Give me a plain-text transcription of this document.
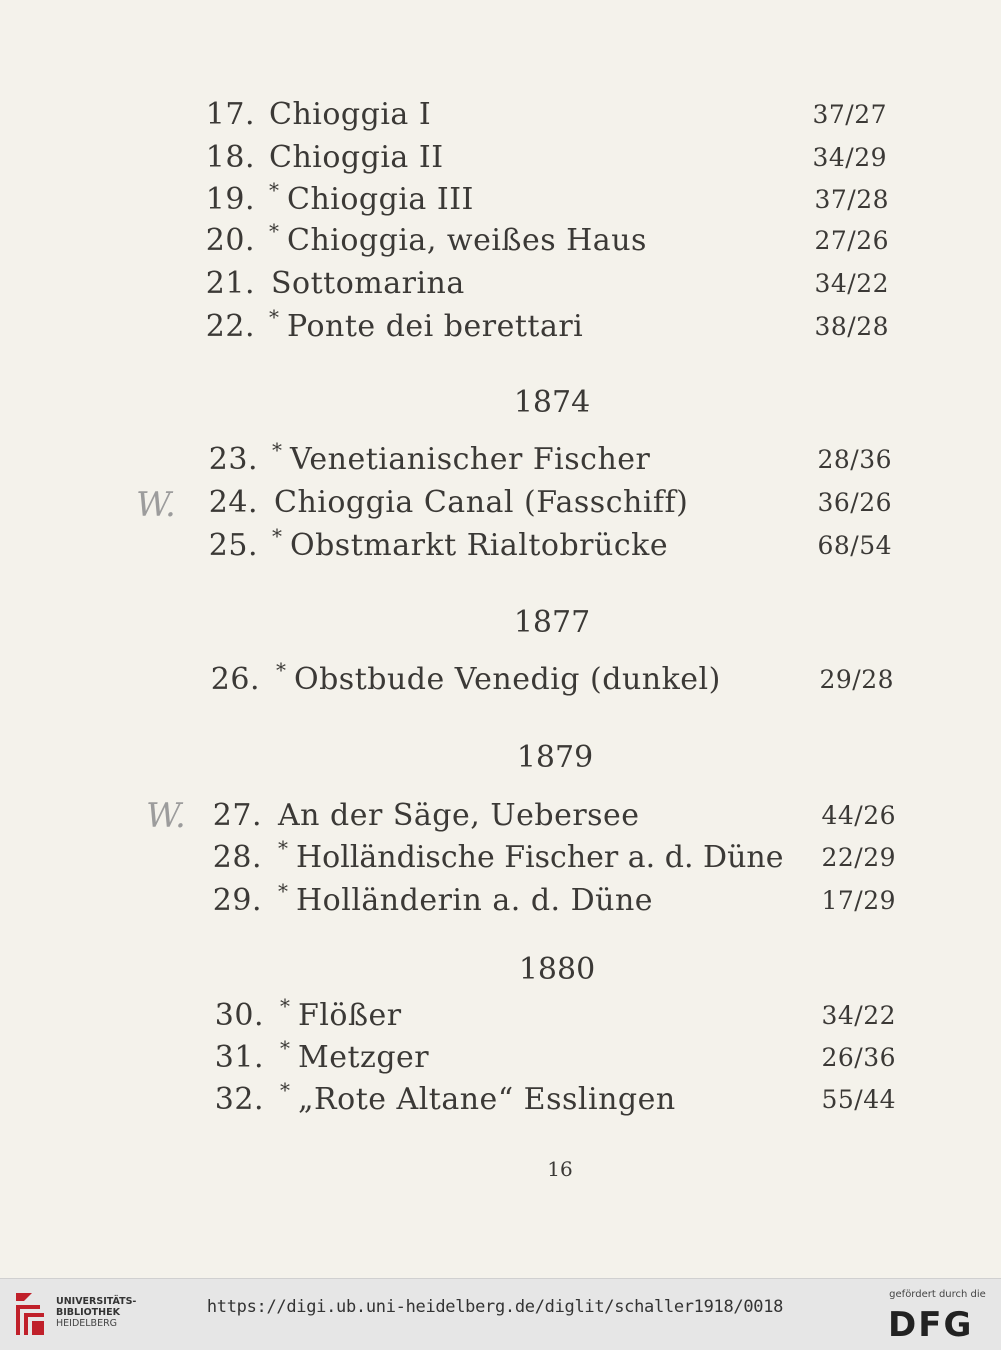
17. Chioggia I	37/27
18. Chioggia II	34/29
19. * Chioggia III	37/28
20. * Chioggia, weißes Haus	27/26
21. Sottomarina	34/22
22. * Ponte dei berettari	38/28
1874
23. * Venetianischer Fischer	28/36
W. 24. Chioggia Canal (Fasschiff)	36/26
25. * Obstmarkt Rialtobrücke	68/54
1877
26. * Obstbude Venedig (dunkel)	29/28
1879
W. 27. An der Säge, Uebersee	44/26
28. * Holländische Fischer a. d. Düne 22/29
29. * Holländerin a. d. Düne	17/29
1880
30. * Flößer	34/22
31. * Metzger	26/36
32. * „Rote Altane“ Esslingen	55/44
16
UNIVERSITÄTS-
BIBLIOTHEK
HEIDELBERG
https://digi.ub.uni-heidelberg.de/diglit/schaller1918/0018
gefördert durch die
DFG
